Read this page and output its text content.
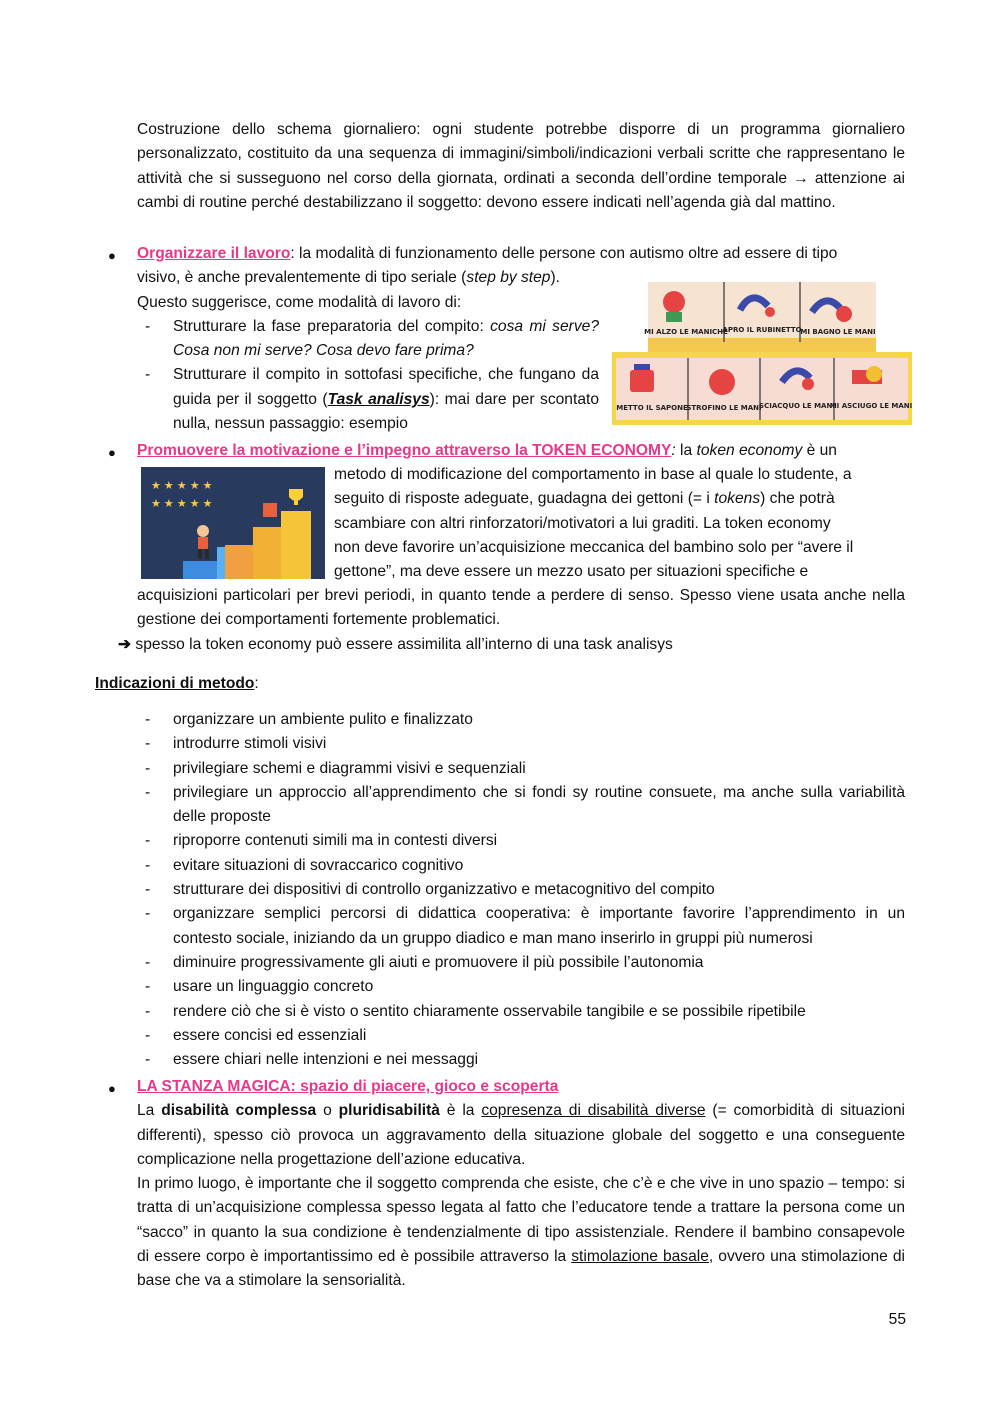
Costruzione dello schema giornaliero: ogni studente potrebbe disporre di un programma giornaliero personalizzato, costituito da una sequenza di immagini/simboli/indicazioni verbali scritte che rappresentano le attività che si susseguono nel corso della giornata, ordinati a seconda dell’ordine temporale → attenzione ai cambi di routine perché destabilizzano il soggetto: devono essere indicati nell’agenda già dal mattino.
● Organizzare il lavoro: la modalità di funzionamento delle persone con autismo oltre ad essere di tipo
visivo, è anche prevalentemente di tipo seriale (step by step).
Questo suggerisce, come modalità di lavoro di:
- Strutturare la fase preparatoria del compito: cosa mi serve? Cosa non mi serve? Cosa devo fare prima?
- Strutturare il compito in sottofasi specifiche, che fungano da guida per il soggetto (Task analisys): mai dare per scontato nulla, nessun passaggio: esempio
MI ALZO LE MANICHE
APRO IL RUBINETTO
MI BAGNO LE MANI
METTO IL SAPONE
STROFINO LE MANI
SCIACQUO LE MANI
MI ASCIUGO LE MANI
● Promuovere la motivazione e l’impegno attraverso la TOKEN ECONOMY: la token economy è un
★ ★ ★ ★ ★
★ ★ ★ ★ ★
metodo di modificazione del comportamento in base al quale lo studente, a
seguito di risposte adeguate, guadagna dei gettoni (= i tokens) che potrà
scambiare con altri rinforzatori/motivatori a lui graditi. La token economy
non deve favorire un’acquisizione meccanica del bambino solo per “avere il
gettone”, ma deve essere un mezzo usato per situazioni specifiche e
acquisizioni particolari per brevi periodi, in quanto tende a perdere di senso. Spesso viene usata anche nella gestione dei comportamenti fortemente problematici.
➔ spesso la token economy può essere assimilita all’interno di una task analisys
Indicazioni di metodo:
- organizzare un ambiente pulito e finalizzato
- introdurre stimoli visivi
- privilegiare schemi e diagrammi visivi e sequenziali
- privilegiare un approccio all’apprendimento che si fondi sy routine consuete, ma anche sulla variabilità delle proposte
- riproporre contenuti simili ma in contesti diversi
- evitare situazioni di sovraccarico cognitivo
- strutturare dei dispositivi di controllo organizzativo e metacognitivo del compito
- organizzare semplici percorsi di didattica cooperativa: è importante favorire l’apprendimento in un contesto sociale, iniziando da un gruppo diadico e man mano inserirlo in gruppi più numerosi
- diminuire progressivamente gli aiuti e promuovere il più possibile l’autonomia
- usare un linguaggio concreto
- rendere ciò che si è visto o sentito chiaramente osservabile tangibile e se possibile ripetibile
- essere concisi ed essenziali
- essere chiari nelle intenzioni e nei messaggi
● LA STANZA MAGICA: spazio di piacere, gioco e scoperta
La disabilità complessa o pluridisabilità è la copresenza di disabilità diverse (= comorbidità di situazioni differenti), spesso ciò provoca un aggravamento della situazione globale del soggetto e una conseguente complicazione nella progettazione dell’azione educativa.
In primo luogo, è importante che il soggetto comprenda che esiste, che c’è e che vive in uno spazio – tempo: si tratta di un’acquisizione complessa spesso legata al fatto che l’educatore tende a trattare la persona come un “sacco” in quanto la sua condizione è tendenzialmente di tipo assistenziale. Rendere il bambino consapevole di essere corpo è importantissimo ed è possibile attraverso la stimolazione basale, ovvero una stimolazione di base che va a stimolare la sensorialità.
55
